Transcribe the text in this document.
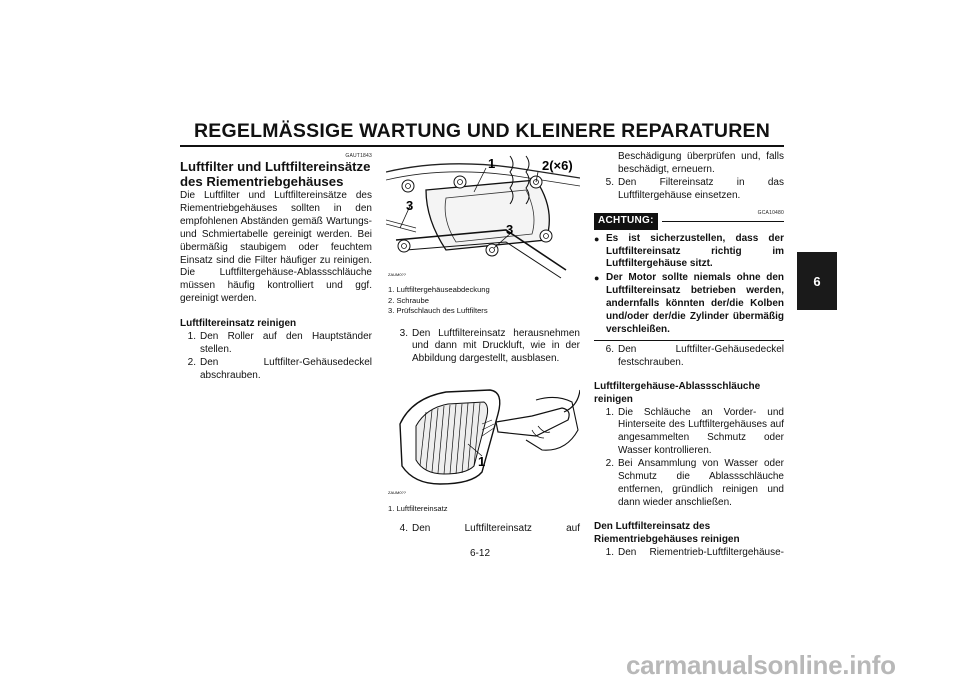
REGELMÄSSIGE WARTUNG UND KLEINERE REPARATUREN
6
GAUT1843
Luftfilter und Luftfiltereinsätze
des Riementriebgehäuses

Die Luftfilter und Luftfiltereinsätze des Riementriebgehäuses sollten in den empfohlenen Abständen gemäß Wartungs- und Schmiertabelle gereinigt werden. Bei übermäßig staubigem oder feuchtem Einsatz sind die Filter häufiger zu reinigen. Die Luftfiltergehäuse-Ablassschläuche müssen häufig kontrolliert und ggf. gereinigt werden.

Luftfiltereinsatz reinigen

1. Den Roller auf den Hauptständer stellen.
2. Den Luftfilter-Gehäusedeckel abschrauben.
1	2(×6)
3
3
ZAUM0??
1. Luftfiltergehäuseabdeckung
2. Schraube
3. Prüfschlauch des Luftfilters
3. Den Luftfiltereinsatz herausnehmen und dann mit Druckluft, wie in der Abbildung dargestellt, ausblasen.
1
ZAUM0??
1. Luftfiltereinsatz
4. Den Luftfiltereinsatz auf
Beschädigung überprüfen und, falls beschädigt, erneuern.
5. Den Filtereinsatz in das Luftfiltergehäuse einsetzen.
GCA10480
ACHTUNG:
● Es ist sicherzustellen, dass der Luftfiltereinsatz richtig im Luftfiltergehäuse sitzt.
● Der Motor sollte niemals ohne den Luftfiltereinsatz betrieben werden, andernfalls könnten der/die Kolben und/oder der/die Zylinder übermäßig verschleißen.
6. Den Luftfilter-Gehäusedeckel festschrauben.

Luftfiltergehäuse-Ablassschläuche reinigen

1. Die Schläuche an Vorder- und Hinterseite des Luftfiltergehäuses auf angesammelten Schmutz oder Wasser kontrollieren.
2. Bei Ansammlung von Wasser oder Schmutz die Ablassschläuche entfernen, gründlich reinigen und dann wieder anschließen.

Den Luftfiltereinsatz des Riementriebgehäuses reinigen

1. Den Riementrieb-Luftfiltergehäuse-
6-12
carmanualsonline.info
